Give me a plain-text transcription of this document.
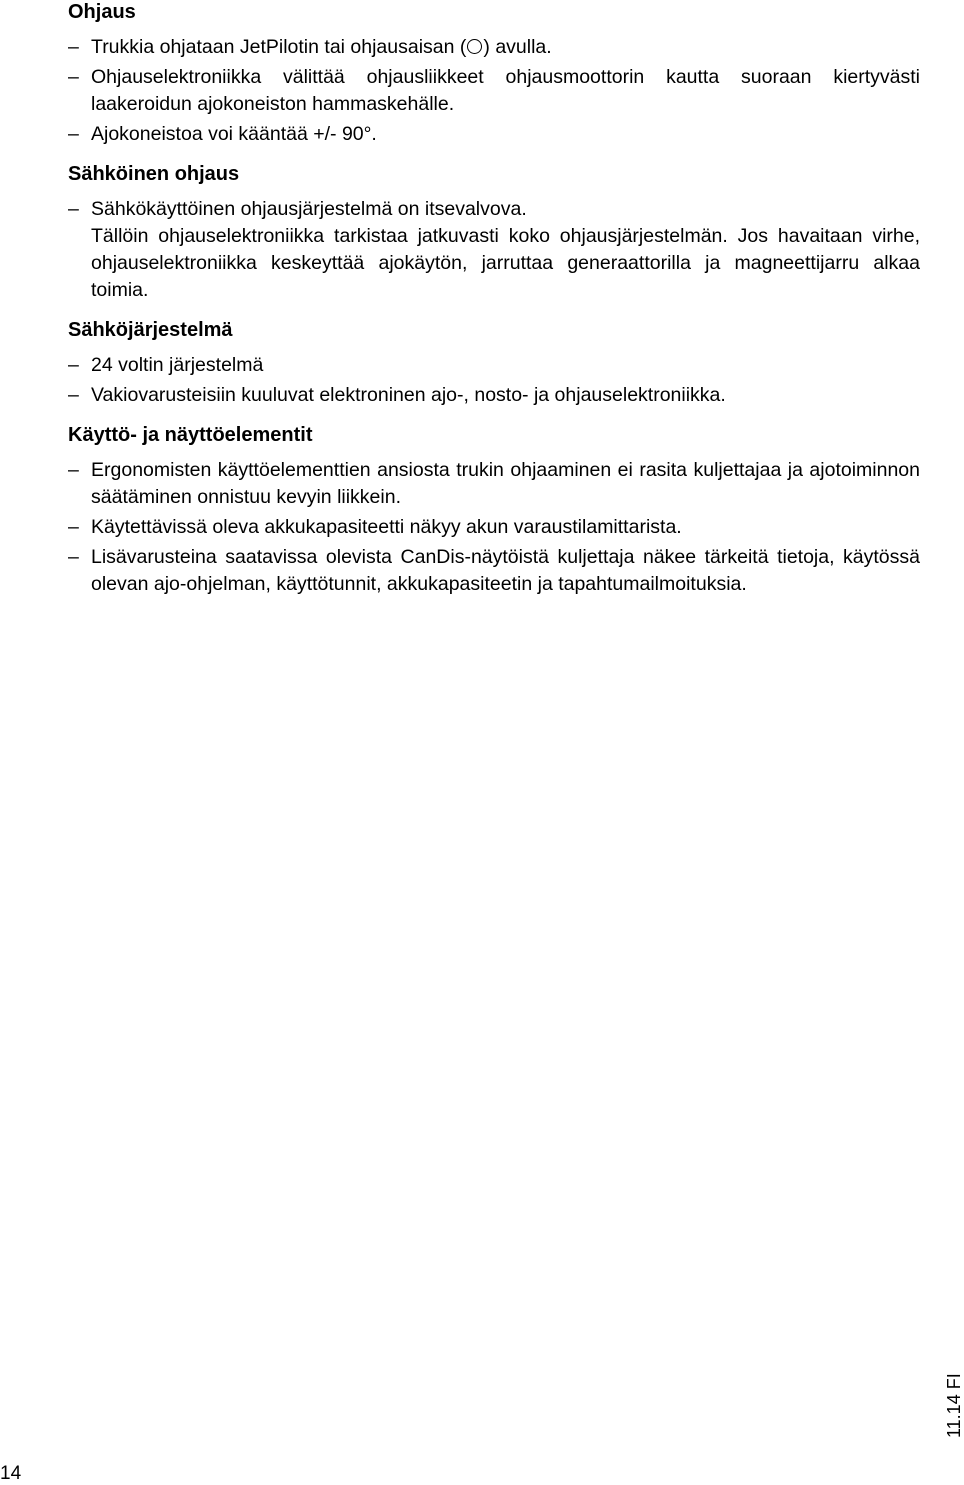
Ohjaus
– Trukkia ohjataan JetPilotin tai ohjausaisan ( ) avulla.
– Ohjauselektroniikka välittää ohjausliikkeet ohjausmoottorin kautta suoraan kiertyvästi laakeroidun ajokoneiston hammaskehälle.
– Ajokoneistoa voi kääntää +/- 90°.
Sähköinen ohjaus
– Sähkökäyttöinen ohjausjärjestelmä on itsevalvova.
Tällöin ohjauselektroniikka tarkistaa jatkuvasti koko ohjausjärjestelmän. Jos havaitaan virhe, ohjauselektroniikka keskeyttää ajokäytön, jarruttaa generaattorilla ja magneettijarru alkaa toimia.
Sähköjärjestelmä
– 24 voltin järjestelmä
– Vakiovarusteisiin kuuluvat elektroninen ajo-, nosto- ja ohjauselektroniikka.
Käyttö- ja näyttöelementit
– Ergonomisten käyttöelementtien ansiosta trukin ohjaaminen ei rasita kuljettajaa ja ajotoiminnon säätäminen onnistuu kevyin liikkein.
– Käytettävissä oleva akkukapasiteetti näkyy akun varaustilamittarista.
– Lisävarusteina saatavissa olevista CanDis-näytöistä kuljettaja näkee tärkeitä tietoja, käytössä olevan ajo-ohjelman, käyttötunnit, akkukapasiteetin ja tapahtumailmoituksia.
14
11.14 FI
